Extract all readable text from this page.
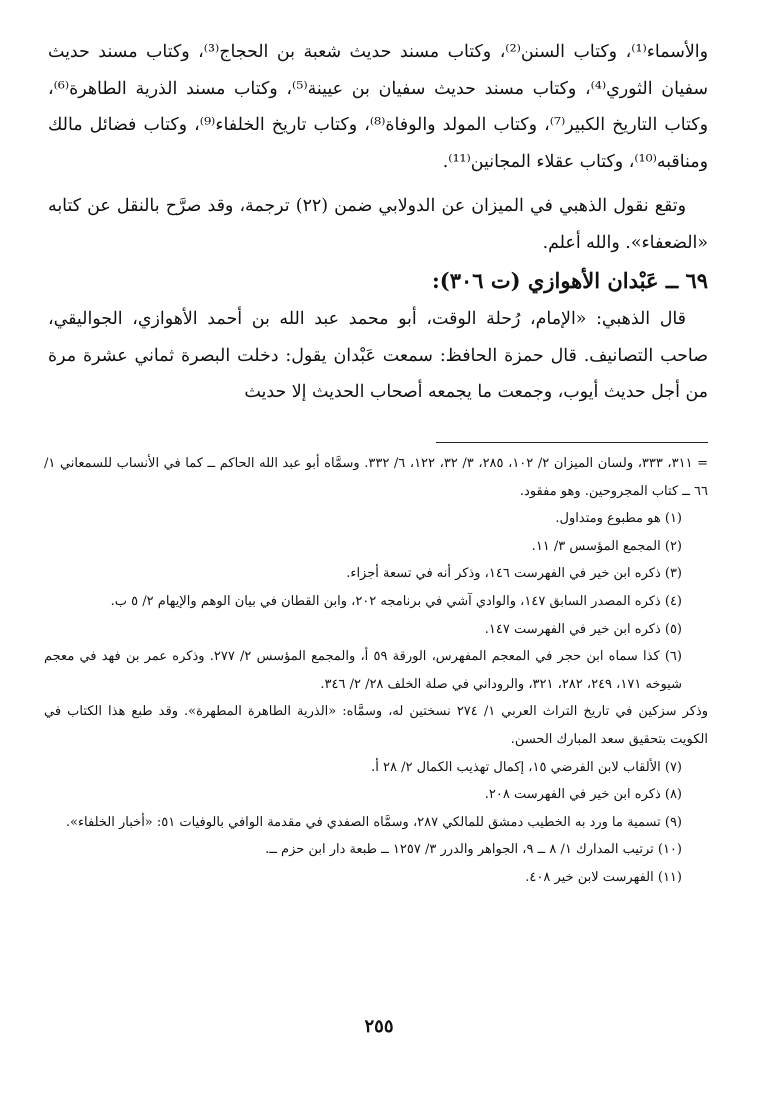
والأسماء⁽¹⁾، وكتاب السنن⁽²⁾، وكتاب مسند حديث شعبة بن الحجاج⁽³⁾، وكتاب مسند حديث سفيان الثوري⁽⁴⁾، وكتاب مسند حديث سفيان بن عيينة⁽⁵⁾، وكتاب مسند الذرية الطاهرة⁽⁶⁾، وكتاب التاريخ الكبير⁽⁷⁾، وكتاب المولد والوفاة⁽⁸⁾، وكتاب تاريخ الخلفاء⁽⁹⁾، وكتاب فضائل مالك ومناقبه⁽¹⁰⁾، وكتاب عقلاء المجانين⁽¹¹⁾.

وتقع نقول الذهبي في الميزان عن الدولابي ضمن (٢٢) ترجمة، وقد صرَّح بالنقل عن كتابه «الضعفاء». والله أعلم.

٦٩ ــ عَبْدان الأهوازي (ت ٣٠٦):

قال الذهبي: «الإمام، رُحلة الوقت، أبو محمد عبد الله بن أحمد الأهوازي، الجواليقي، صاحب التصانيف. قال حمزة الحافظ: سمعت عَبْدان يقول: دخلت البصرة ثماني عشرة مرة من أجل حديث أيوب، وجمعت ما يجمعه أصحاب الحديث إلا حديث

= ٣١١، ٣٣٣، ولسان الميزان ٢/ ١٠٢، ٢٨٥، ٣/ ٣٢، ١٢٢، ٦/ ٣٣٢. وسمَّاه أبو عبد الله الحاكم ــ كما في الأنساب للسمعاني ١/ ٦٦ ــ كتاب المجروحين. وهو مفقود.

(١) هو مطبوع ومتداول.

(٢) المجمع المؤسس ٣/ ١١.

(٣) ذكره ابن خير في الفهرست ١٤٦، وذكر أنه في تسعة أجزاء.

(٤) ذكره المصدر السابق ١٤٧، والوادي آشي في برنامجه ٢٠٢، وابن القطان في بيان الوهم والإيهام ٢/ ٥ ب.

(٥) ذكره ابن خير في الفهرست ١٤٧.

(٦) كذا سماه ابن حجر في المعجم المفهرس، الورقة ٥٩ أ، والمجمع المؤسس ٢/ ٢٧٧. وذكره عمر بن فهد في معجم شيوخه ١٧١، ٢٤٩، ٢٨٢، ٣٢١، والروداني في صلة الخلف ٢٨/ ٢/ ٣٤٦.

وذكر سزكين في تاريخ التراث العربي ١/ ٢٧٤ نسختين له، وسمَّاه: «الذرية الطاهرة المطهرة». وقد طبع هذا الكتاب في الكويت بتحقيق سعد المبارك الحسن.

(٧) الألقاب لابن الفرضي ١٥، إكمال تهذيب الكمال ٢/ ٢٨ أ.

(٨) ذكره ابن خير في الفهرست ٢٠٨.

(٩) تسمية ما ورد به الخطيب دمشق للمالكي ٢٨٧، وسمَّاه الصفدي في مقدمة الوافي بالوفيات ٥١: «أخبار الخلفاء».

(١٠) ترتيب المدارك ١/ ٨ ــ ٩، الجواهر والدرر ٣/ ١٢٥٧ ــ طبعة دار ابن حزم ــ.

(١١) الفهرست لابن خير ٤٠٨.

٢٥٥
